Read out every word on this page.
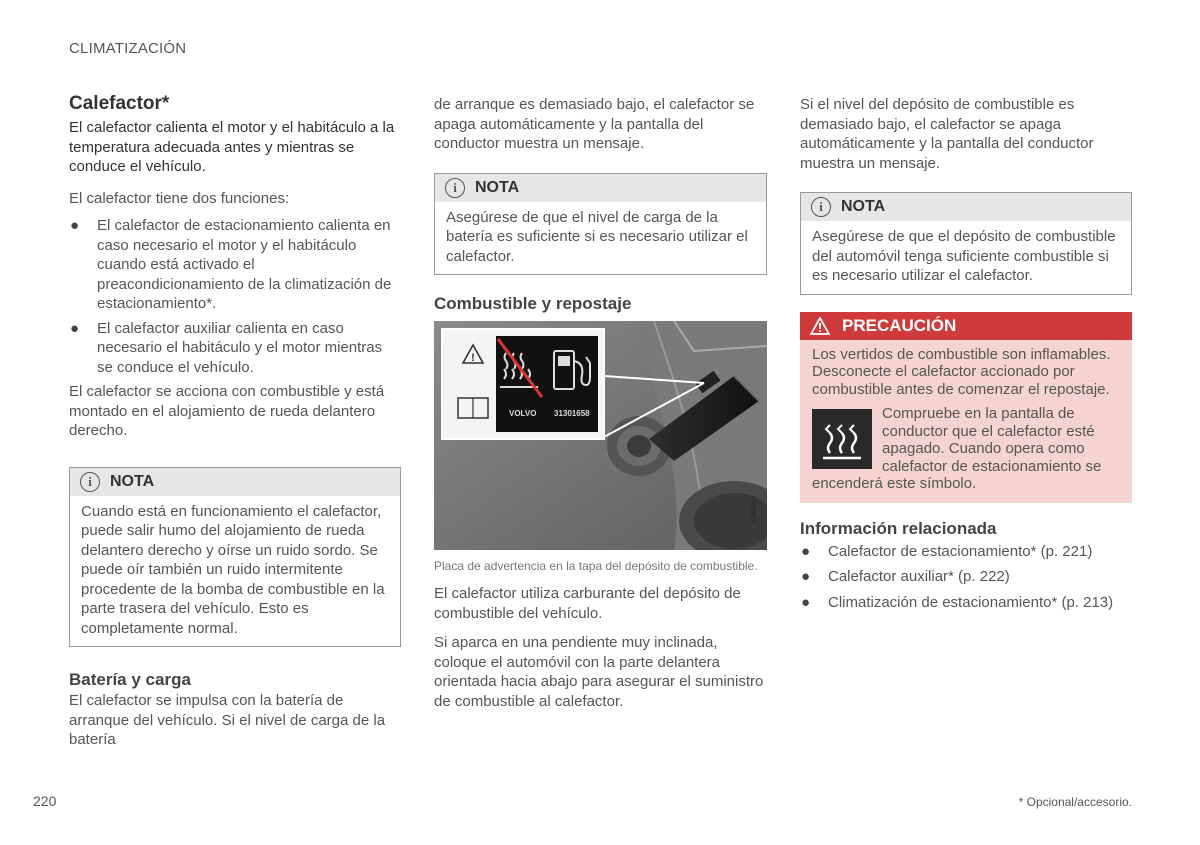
CLIMATIZACIÓN
Calefactor*

El calefactor calienta el motor y el habitáculo a la temperatura adecuada antes y mientras se conduce el vehículo.

El calefactor tiene dos funciones:

● El calefactor de estacionamiento calienta en caso necesario el motor y el habitáculo cuando está activado el preacondicionamiento de la climatización de estacionamiento*.
● El calefactor auxiliar calienta en caso necesario el habitáculo y el motor mientras se conduce el vehículo.

El calefactor se acciona con combustible y está montado en el alojamiento de rueda delantero derecho.

i	NOTA
Cuando está en funcionamiento el calefactor, puede salir humo del alojamiento de rueda delantero derecho y oírse un ruido sordo. Se puede oír también un ruido intermitente procedente de la bomba de combustible en la parte trasera del vehículo. Esto es completamente normal.
Batería y carga

El calefactor se impulsa con la batería de arranque del vehículo. Si el nivel de carga de la batería

de arranque es demasiado bajo, el calefactor se apaga automáticamente y la pantalla del conductor muestra un mensaje.

i	NOTA
Asegúrese de que el nivel de carga de la batería es suficiente si es necesario utilizar el calefactor.
Combustible y repostaje
!
VOLVO 31301658
G002919
Placa de advertencia en la tapa del depósito de combustible.

El calefactor utiliza carburante del depósito de combustible del vehículo.

Si aparca en una pendiente muy inclinada, coloque el automóvil con la parte delantera orientada hacia abajo para asegurar el suministro de combustible al calefactor.

Si el nivel del depósito de combustible es demasiado bajo, el calefactor se apaga automáticamente y la pantalla del conductor muestra un mensaje.

i	NOTA
Asegúrese de que el depósito de combustible del automóvil tenga suficiente combustible si es necesario utilizar el calefactor.
PRECAUCIÓN
Los vertidos de combustible son inflamables. Desconecte el calefactor accionado por combustible antes de comenzar el repostaje.
Compruebe en la pantalla de conductor que el calefactor esté apagado. Cuando opera como calefactor de estacionamiento se encenderá este símbolo.
Información relacionada
● Calefactor de estacionamiento* (p. 221)
● Calefactor auxiliar* (p. 222)
● Climatización de estacionamiento* (p. 213)
220	* Opcional/accesorio.
